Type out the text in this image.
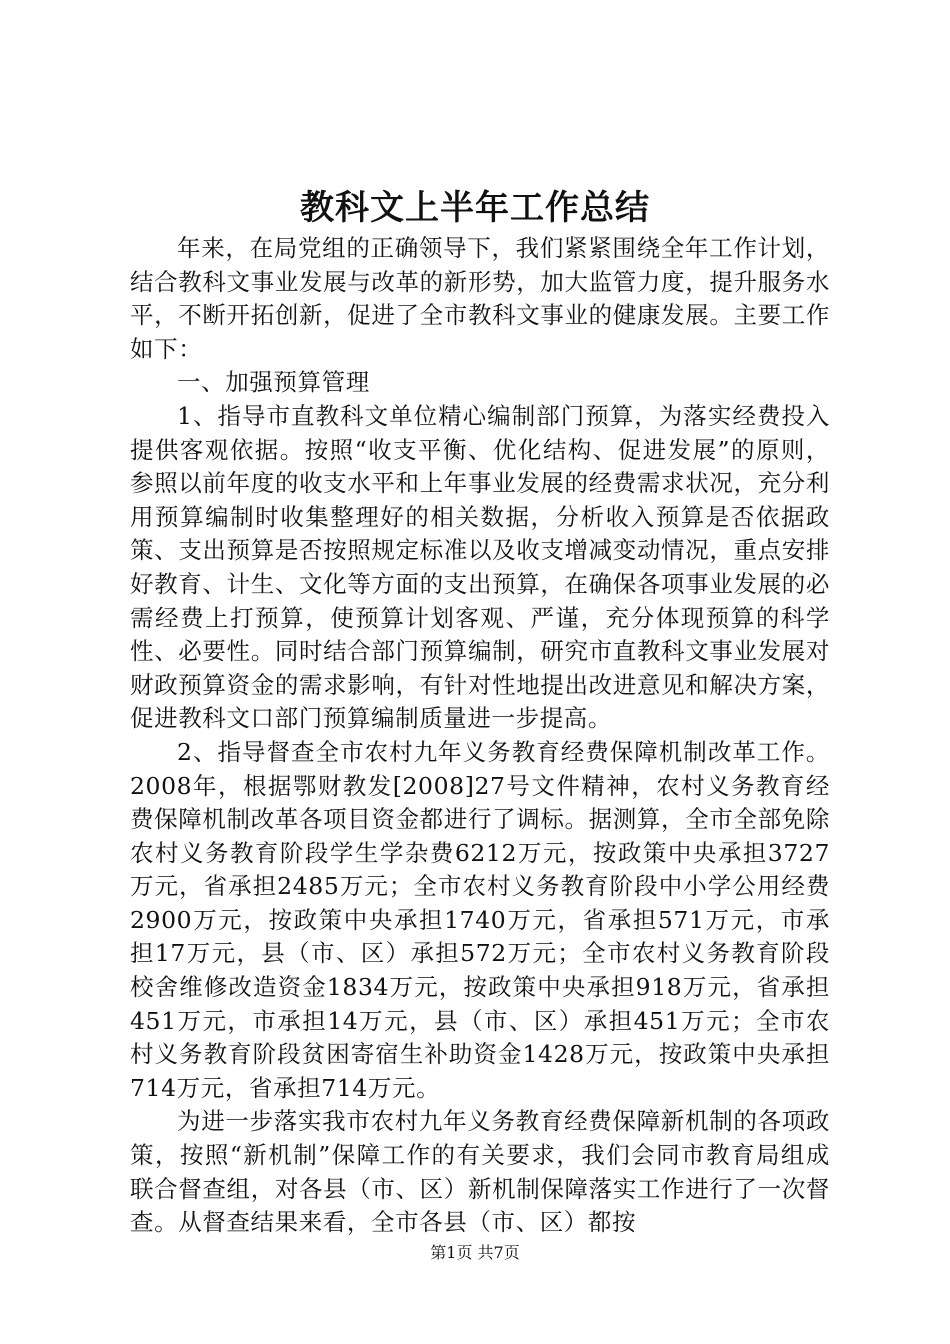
教科文上半年工作总结

年来，在局党组的正确领导下，我们紧紧围绕全年工作计划，结合教科文事业发展与改革的新形势，加大监管力度，提升服务水平，不断开拓创新，促进了全市教科文事业的健康发展。主要工作如下：

一、加强预算管理

1、指导市直教科文单位精心编制部门预算，为落实经费投入提供客观依据。按照“收支平衡、优化结构、促进发展”的原则，参照以前年度的收支水平和上年事业发展的经费需求状况，充分利用预算编制时收集整理好的相关数据，分析收入预算是否依据政策、支出预算是否按照规定标准以及收支增减变动情况，重点安排好教育、计生、文化等方面的支出预算，在确保各项事业发展的必需经费上打预算，使预算计划客观、严谨，充分体现预算的科学性、必要性。同时结合部门预算编制，研究市直教科文事业发展对财政预算资金的需求影响，有针对性地提出改进意见和解决方案，促进教科文口部门预算编制质量进一步提高。

2、指导督查全市农村九年义务教育经费保障机制改革工作。2008年，根据鄂财教发[2008]27号文件精神，农村义务教育经费保障机制改革各项目资金都进行了调标。据测算，全市全部免除农村义务教育阶段学生学杂费6212万元，按政策中央承担3727万元，省承担2485万元；全市农村义务教育阶段中小学公用经费2900万元，按政策中央承担1740万元，省承担571万元，市承担17万元，县（市、区）承担572万元；全市农村义务教育阶段校舍维修改造资金1834万元，按政策中央承担918万元，省承担451万元，市承担14万元，县（市、区）承担451万元；全市农村义务教育阶段贫困寄宿生补助资金1428万元，按政策中央承担714万元，省承担714万元。

为进一步落实我市农村九年义务教育经费保障新机制的各项政策，按照“新机制”保障工作的有关要求，我们会同市教育局组成联合督查组，对各县（市、区）新机制保障落实工作进行了一次督查。从督查结果来看，全市各县（市、区）都按

第1页 共7页
